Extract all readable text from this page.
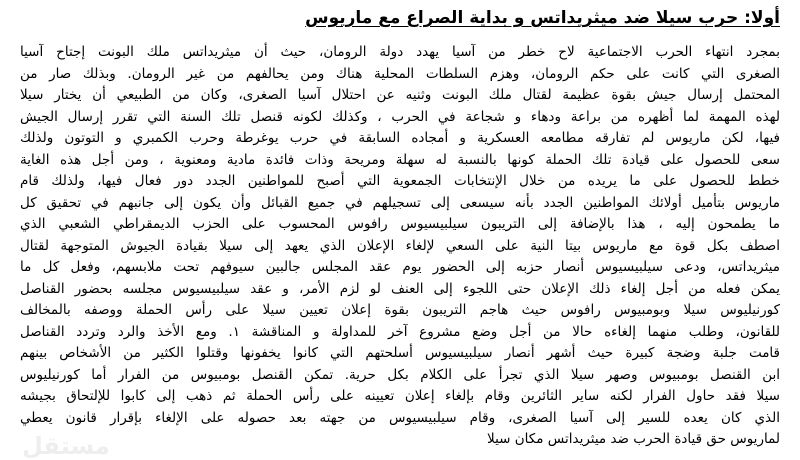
أولا: حرب سيلا ضد ميثريداتس و بداية الصراع مع ماريوس
بمجرد انتهاء الحرب الاجتماعية لاح خطر من آسيا يهدد دولة الرومان، حيث أن ميثريداتس ملك البونت إجتاح آسيا
الصغرى التي كانت على حكم الرومان، وهزم السلطات المحلية هناك ومن يحالفهم من غير الرومان. وبذلك صار من
المحتمل إرسال جيش بقوة عظيمة لقتال ملك البونت وثنيه عن احتلال آسيا الصغرى، وكان من الطبيعي أن يختار سيلا
لهذه المهمة لما أظهره من براعة ودهاء و شجاعة في الحرب ، وكذلك لكونه قنصل تلك السنة التي تقرر إرسال الجيش
فيها، لكن ماريوس لم تفارقه مطامعه العسكرية و أمجاده السابقة في حرب يوغرطة وحرب الكمبري و التوتون ولذلك
سعى للحصول على قيادة تلك الحملة كونها بالنسبة له سهلة ومريحة وذات فائدة مادية ومعنوية ، ومن أجل هذه الغاية
خطط للحصول على ما يريده من خلال الإنتخابات الجمعوية التي أصبح للمواطنين الجدد دور فعال فيها، ولذلك قام
ماريوس بتأميل أولائك المواطنين الجدد بأنه سيسعى إلى تسجيلهم في جميع القبائل وأن يكون إلى جانبهم في تحقيق كل
ما يطمحون إليه ، هذا بالإضافة إلى التريبون سيلبيسيوس رافوس المحسوب على الحزب الديمقراطي الشعبي الذي
اصطف بكل قوة مع ماريوس بيتا النية على السعي لإلغاء الإعلان الذي يعهد إلى سيلا بقيادة الجيوش المتوجهة لقتال
ميثريداتس، ودعى سيلبيسيوس أنصار حزبه إلى الحضور يوم عقد المجلس جالبين سيوفهم تحت ملابسهم، وفعل كل ما
يمكن فعله من أجل إلغاء ذلك الإعلان حتى اللجوء إلى العنف لو لزم الأمر، و عقد سيلبيسيوس مجلسه بحضور القناصل
كورنيليوس سيلا وبومبيوس رافوس حيث هاجم التريبون بقوة إعلان تعيين سيلا على رأس الحملة ووصفه بالمخالف
للقانون، وطلب منهما إلغاءه حالا من أجل وضع مشروع آخر للمداولة و المناقشة ١. ومع الأخذ والرد وتردد القناصل
قامت جلبة وضجة كبيرة حيث أشهر أنصار سيلبيسيوس أسلحتهم التي كانوا يخفونها وقتلوا الكثير من الأشخاص بينهم
ابن القنصل بومبيوس وصهر سيلا الذي تجرأ على الكلام بكل حرية. تمكن القنصل بومبيوس من الفرار أما كورنيليوس
سيلا فقد حاول الفرار لكنه ساير الثائرين وقام بإلغاء إعلان تعيينه على رأس الحملة ثم ذهب إلى كابوا للإلتحاق بجيشه
الذي كان يعده للسير إلى آسيا الصغرى، وقام سيلبيسيوس من جهته بعد حصوله على الإلغاء بإقرار قانون يعطي
لماريوس حق قيادة الحرب ضد ميثريداتس مكان سيلا
مستقل
